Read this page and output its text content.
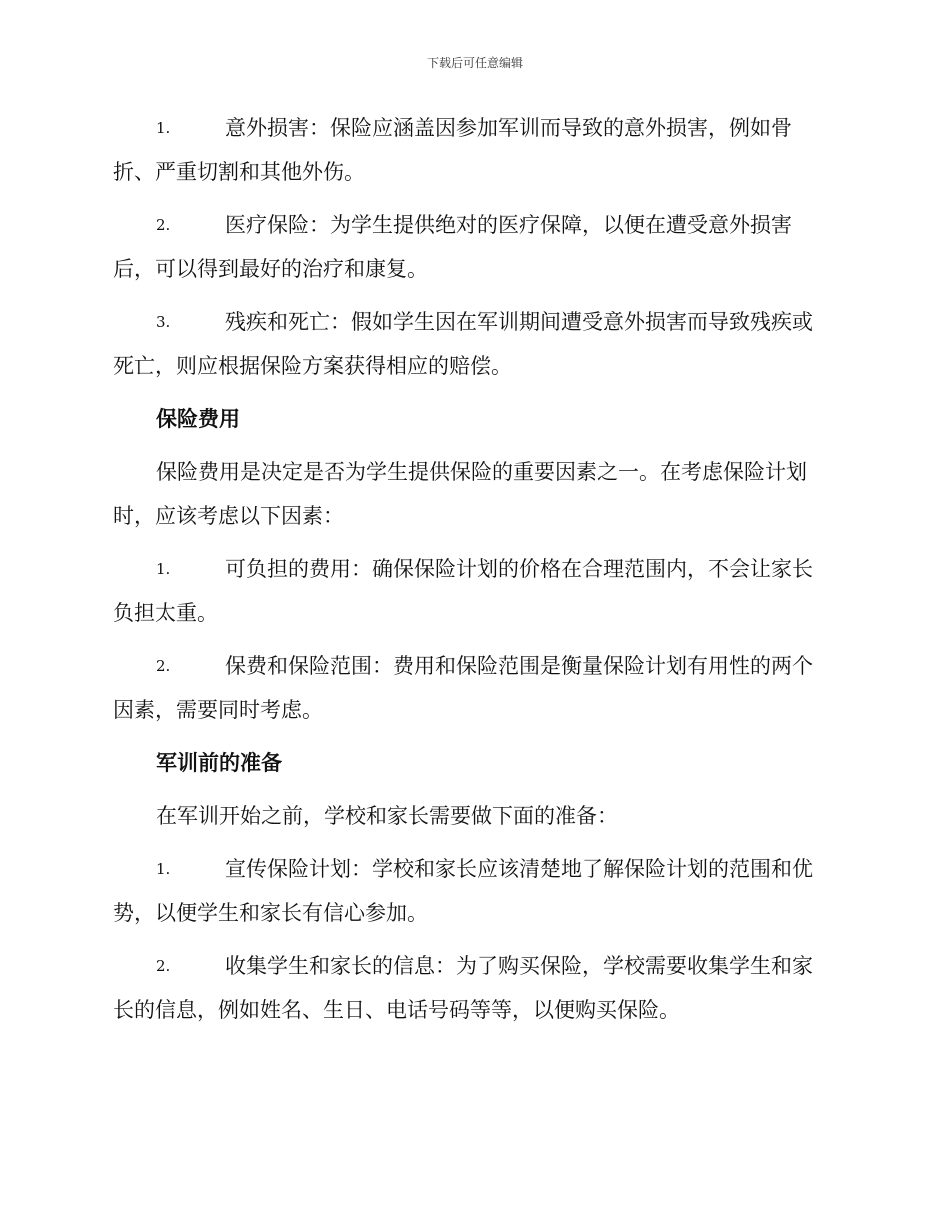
下载后可任意编辑
1.	意外损害：保险应涵盖因参加军训而导致的意外损害，例如骨
折、严重切割和其他外伤。
2.	医疗保险：为学生提供绝对的医疗保障，以便在遭受意外损害
后，可以得到最好的治疗和康复。
3.	残疾和死亡：假如学生因在军训期间遭受意外损害而导致残疾或
死亡，则应根据保险方案获得相应的赔偿。
保险费用
保险费用是决定是否为学生提供保险的重要因素之一。在考虑保险计划
时，应该考虑以下因素：
1.	可负担的费用：确保保险计划的价格在合理范围内，不会让家长
负担太重。
2.	保费和保险范围：费用和保险范围是衡量保险计划有用性的两个
因素，需要同时考虑。
军训前的准备
在军训开始之前，学校和家长需要做下面的准备：
1.	宣传保险计划：学校和家长应该清楚地了解保险计划的范围和优
势，以便学生和家长有信心参加。
2.	收集学生和家长的信息：为了购买保险，学校需要收集学生和家
长的信息，例如姓名、生日、电话号码等等，以便购买保险。
